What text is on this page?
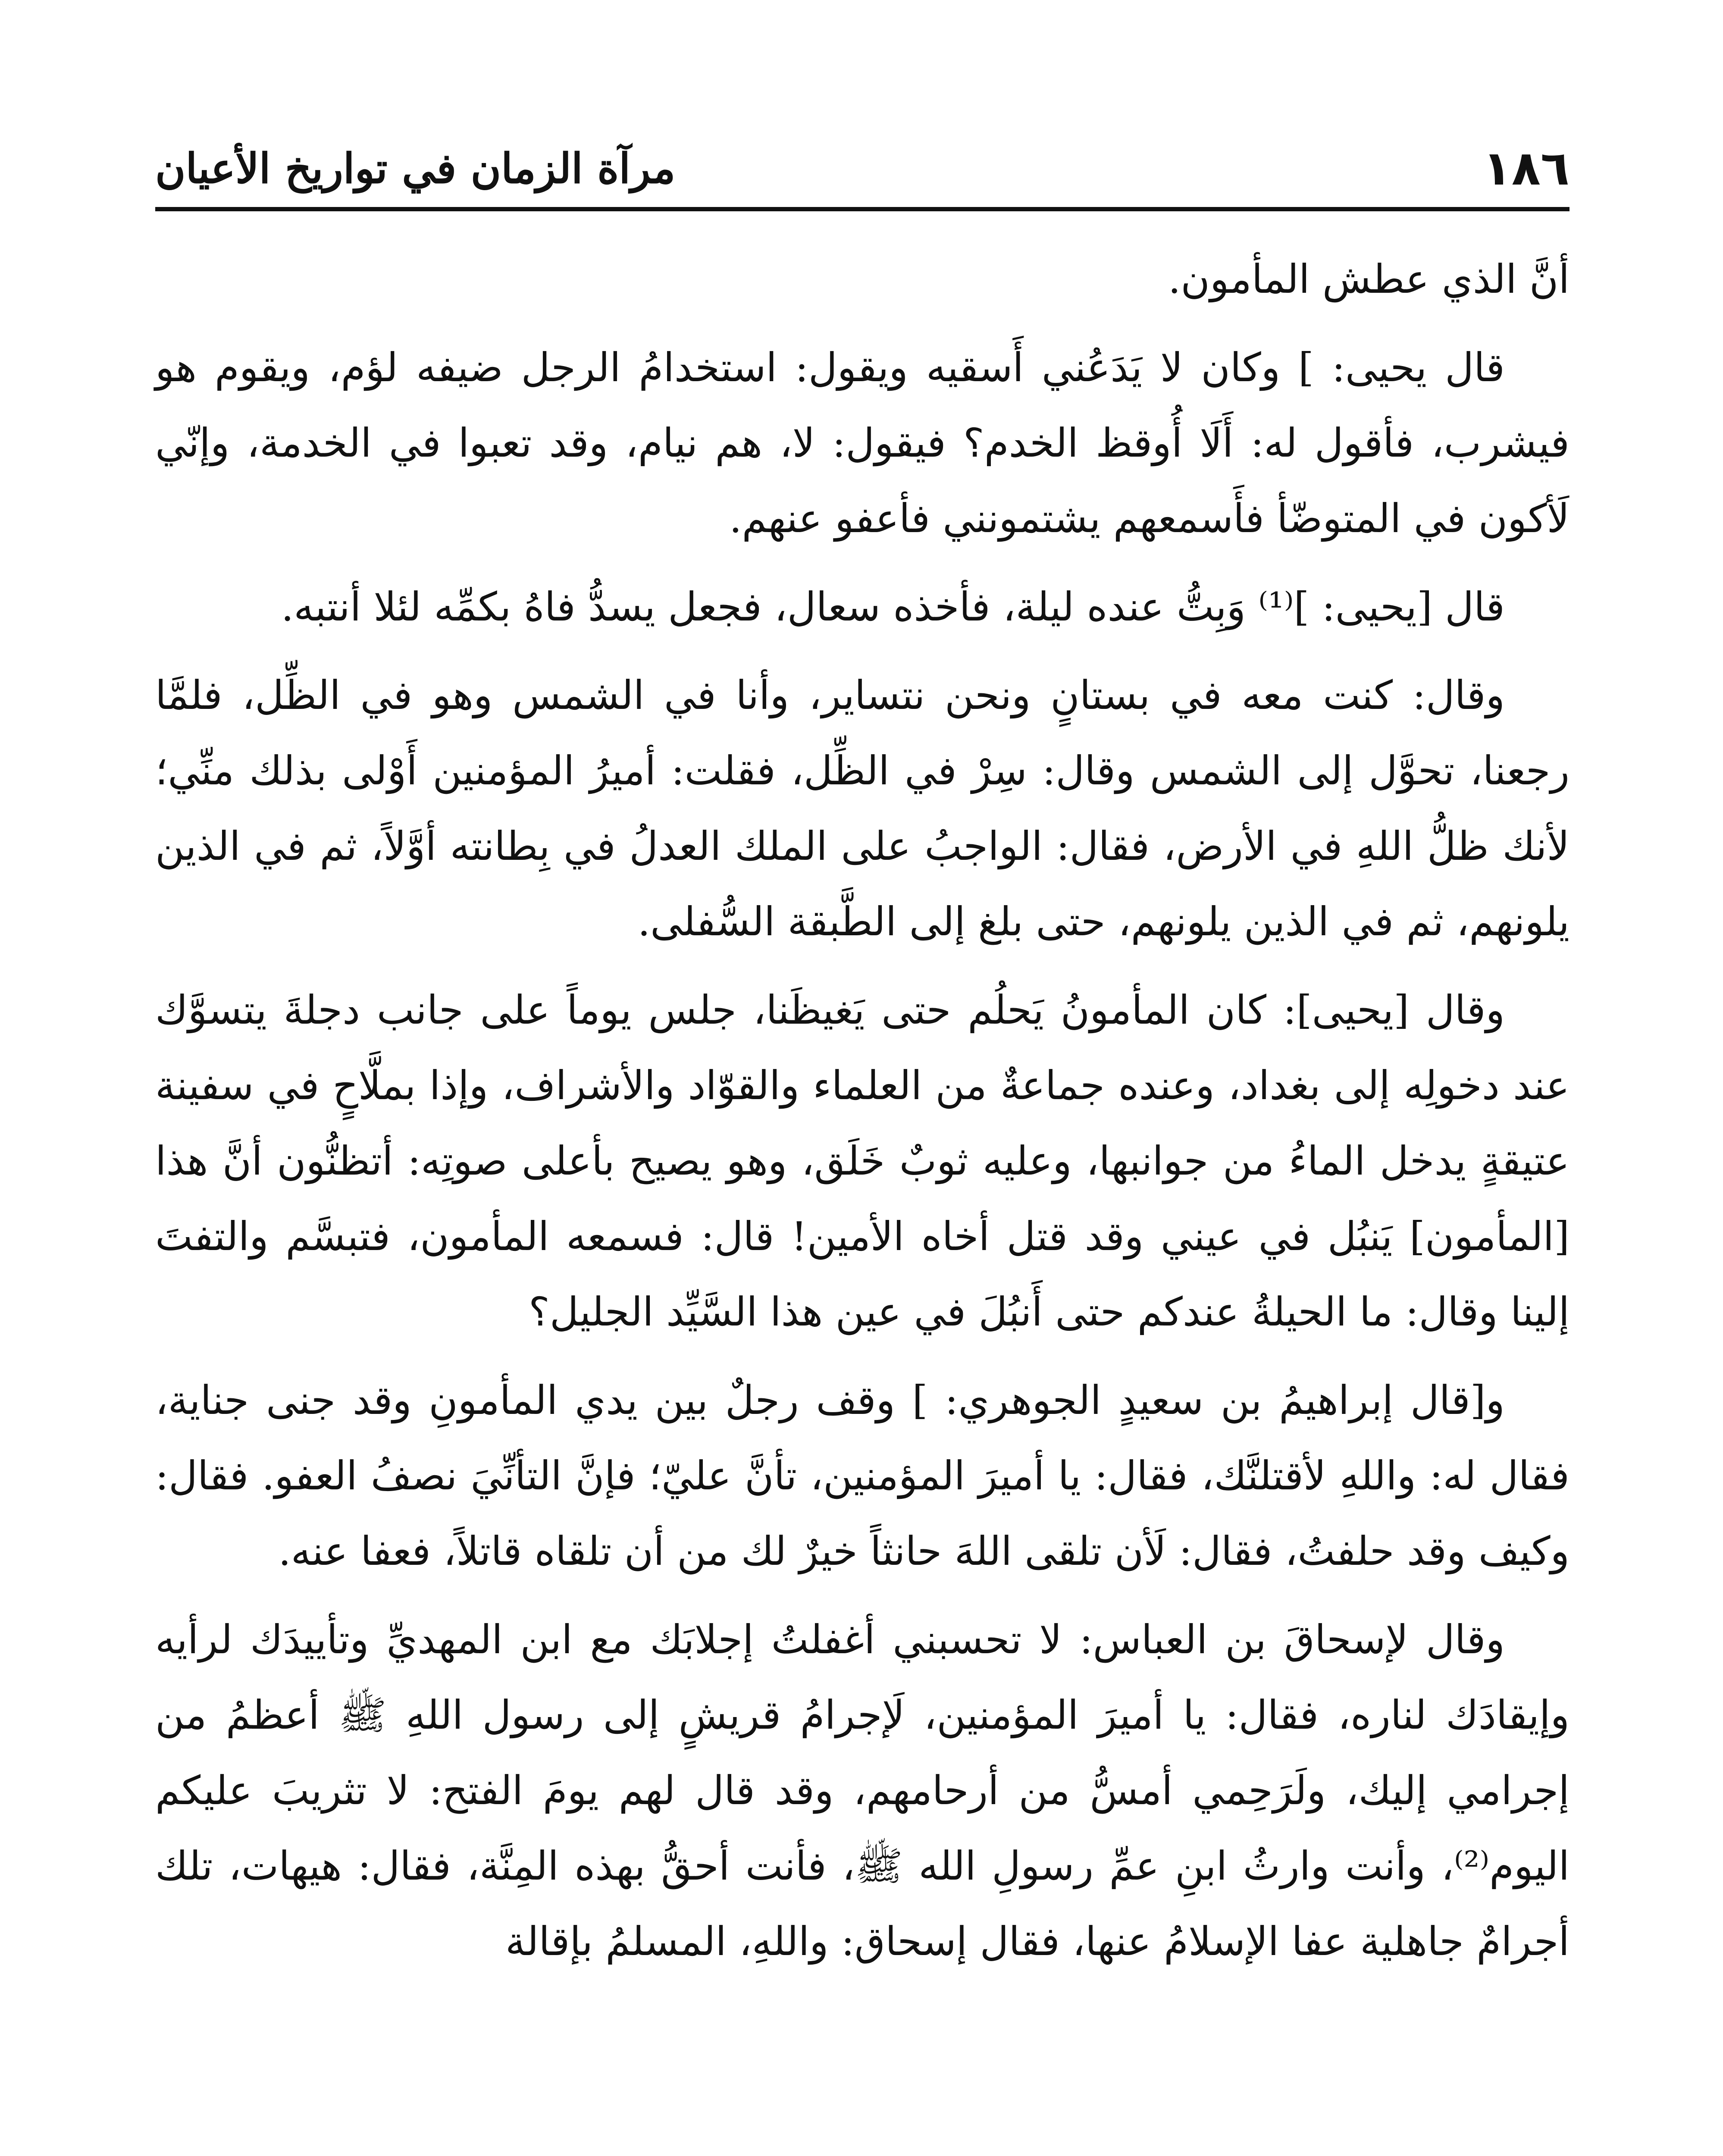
١٨٦
مرآة الزمان في تواريخ الأعيان

أنَّ الذي عطش المأمون.

قال يحيى: ] وكان لا يَدَعُني أَسقيه ويقول: استخدامُ الرجل ضيفه لؤم، ويقوم هو فيشرب، فأقول له: أَلَا أُوقظ الخدم؟ فيقول: لا، هم نيام، وقد تعبوا في الخدمة، وإنّي لَأكون في المتوضّأ فأَسمعهم يشتمونني فأعفو عنهم.

قال [يحيى: ]⁽¹⁾ وَبِتُّ عنده ليلة، فأخذه سعال، فجعل يسدُّ فاهُ بكمِّه لئلا أنتبه.

وقال: كنت معه في بستانٍ ونحن نتساير، وأنا في الشمس وهو في الظِّل، فلمَّا رجعنا، تحوَّل إلى الشمس وقال: سِرْ في الظِّل، فقلت: أميرُ المؤمنين أَوْلى بذلك منِّي؛ لأنك ظلُّ اللهِ في الأرض، فقال: الواجبُ على الملك العدلُ في بِطانته أوَّلاً، ثم في الذين يلونهم، ثم في الذين يلونهم، حتى بلغ إلى الطَّبقة السُّفلى.

وقال [يحيى]: كان المأمونُ يَحلُم حتى يَغيظَنا، جلس يوماً على جانب دجلةَ يتسوَّك عند دخولِه إلى بغداد، وعنده جماعةٌ من العلماء والقوّاد والأشراف، وإذا بملَّاحٍ في سفينة عتيقةٍ يدخل الماءُ من جوانبها، وعليه ثوبٌ خَلَق، وهو يصيح بأعلى صوتِه: أتظنُّون أنَّ هذا [المأمون] يَنبُل في عيني وقد قتل أخاه الأمين! قال: فسمعه المأمون، فتبسَّم والتفتَ إلينا وقال: ما الحيلةُ عندكم حتى أَنبُلَ في عين هذا السَّيِّد الجليل؟

و[قال إبراهيمُ بن سعيدٍ الجوهري: ] وقف رجلٌ بين يدي المأمونِ وقد جنى جناية، فقال له: واللهِ لأقتلنَّك، فقال: يا أميرَ المؤمنين، تأنَّ عليّ؛ فإنَّ التأنِّيَ نصفُ العفو. فقال: وكيف وقد حلفتُ، فقال: لَأن تلقى اللهَ حانثاً خيرٌ لك من أن تلقاه قاتلاً، فعفا عنه.

وقال لإسحاقَ بن العباس: لا تحسبني أغفلتُ إجلابَك مع ابن المهديِّ وتأييدَك لرأيه وإيقادَك لناره، فقال: يا أميرَ المؤمنين، لَإجرامُ قريشٍ إلى رسول اللهِ ﷺ أعظمُ من إجرامي إليك، ولَرَحِمي أمسُّ من أرحامهم، وقد قال لهم يومَ الفتح: لا تثريبَ عليكم اليوم⁽²⁾، وأنت وارثُ ابنِ عمِّ رسولِ الله ﷺ، فأنت أحقُّ بهذه المِنَّة، فقال: هيهات، تلك أجرامٌ جاهلية عفا الإسلامُ عنها، فقال إسحاق: واللهِ، المسلمُ بإقالة
